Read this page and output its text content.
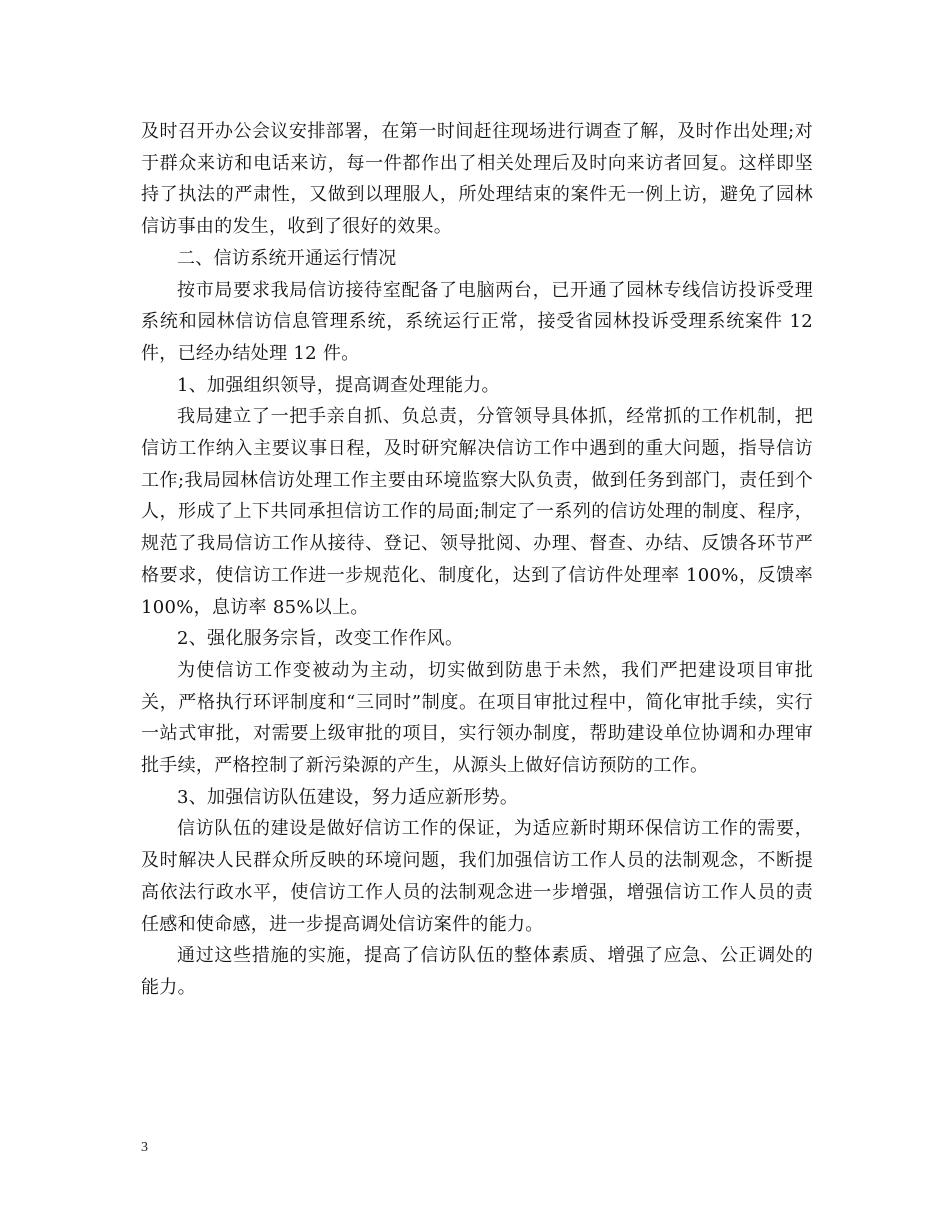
及时召开办公会议安排部署，在第一时间赶往现场进行调查了解，及时作出处理;对于群众来访和电话来访，每一件都作出了相关处理后及时向来访者回复。这样即坚持了执法的严肃性，又做到以理服人，所处理结束的案件无一例上访，避免了园林信访事由的发生，收到了很好的效果。

二、信访系统开通运行情况

按市局要求我局信访接待室配备了电脑两台，已开通了园林专线信访投诉受理系统和园林信访信息管理系统，系统运行正常，接受省园林投诉受理系统案件 12 件，已经办结处理 12 件。

1、加强组织领导，提高调查处理能力。

我局建立了一把手亲自抓、负总责，分管领导具体抓，经常抓的工作机制，把信访工作纳入主要议事日程，及时研究解决信访工作中遇到的重大问题，指导信访工作;我局园林信访处理工作主要由环境监察大队负责，做到任务到部门，责任到个人，形成了上下共同承担信访工作的局面;制定了一系列的信访处理的制度、程序，规范了我局信访工作从接待、登记、领导批阅、办理、督查、办结、反馈各环节严格要求，使信访工作进一步规范化、制度化，达到了信访件处理率 100%，反馈率 100%，息访率 85%以上。

2、强化服务宗旨，改变工作作风。

为使信访工作变被动为主动，切实做到防患于未然，我们严把建设项目审批关，严格执行环评制度和“三同时”制度。在项目审批过程中，简化审批手续，实行一站式审批，对需要上级审批的项目，实行领办制度，帮助建设单位协调和办理审批手续，严格控制了新污染源的产生，从源头上做好信访预防的工作。

3、加强信访队伍建设，努力适应新形势。

信访队伍的建设是做好信访工作的保证，为适应新时期环保信访工作的需要，及时解决人民群众所反映的环境问题，我们加强信访工作人员的法制观念，不断提高依法行政水平，使信访工作人员的法制观念进一步增强，增强信访工作人员的责任感和使命感，进一步提高调处信访案件的能力。

通过这些措施的实施，提高了信访队伍的整体素质、增强了应急、公正调处的能力。

3
